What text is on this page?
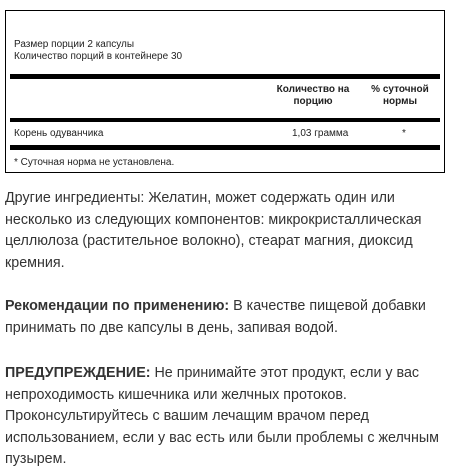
Размер порции 2 капсулы
Количество порций в контейнере 30
Количество на
порцию
% суточной
нормы
Корень одуванчика	1,03 грамма	*
* Суточная норма не установлена.
Другие ингредиенты: Желатин, может содержать один или несколько из следующих компонентов: микрокристаллическая целлюлоза (растительное волокно), стеарат магния, диоксид кремния.
Рекомендации по применению: В качестве пищевой добавки принимать по две капсулы в день, запивая водой.
ПРЕДУПРЕЖДЕНИЕ: Не принимайте этот продукт, если у вас непроходимость кишечника или желчных протоков. Проконсультируйтесь с вашим лечащим врачом перед использованием, если у вас есть или были проблемы с желчным пузырем.
